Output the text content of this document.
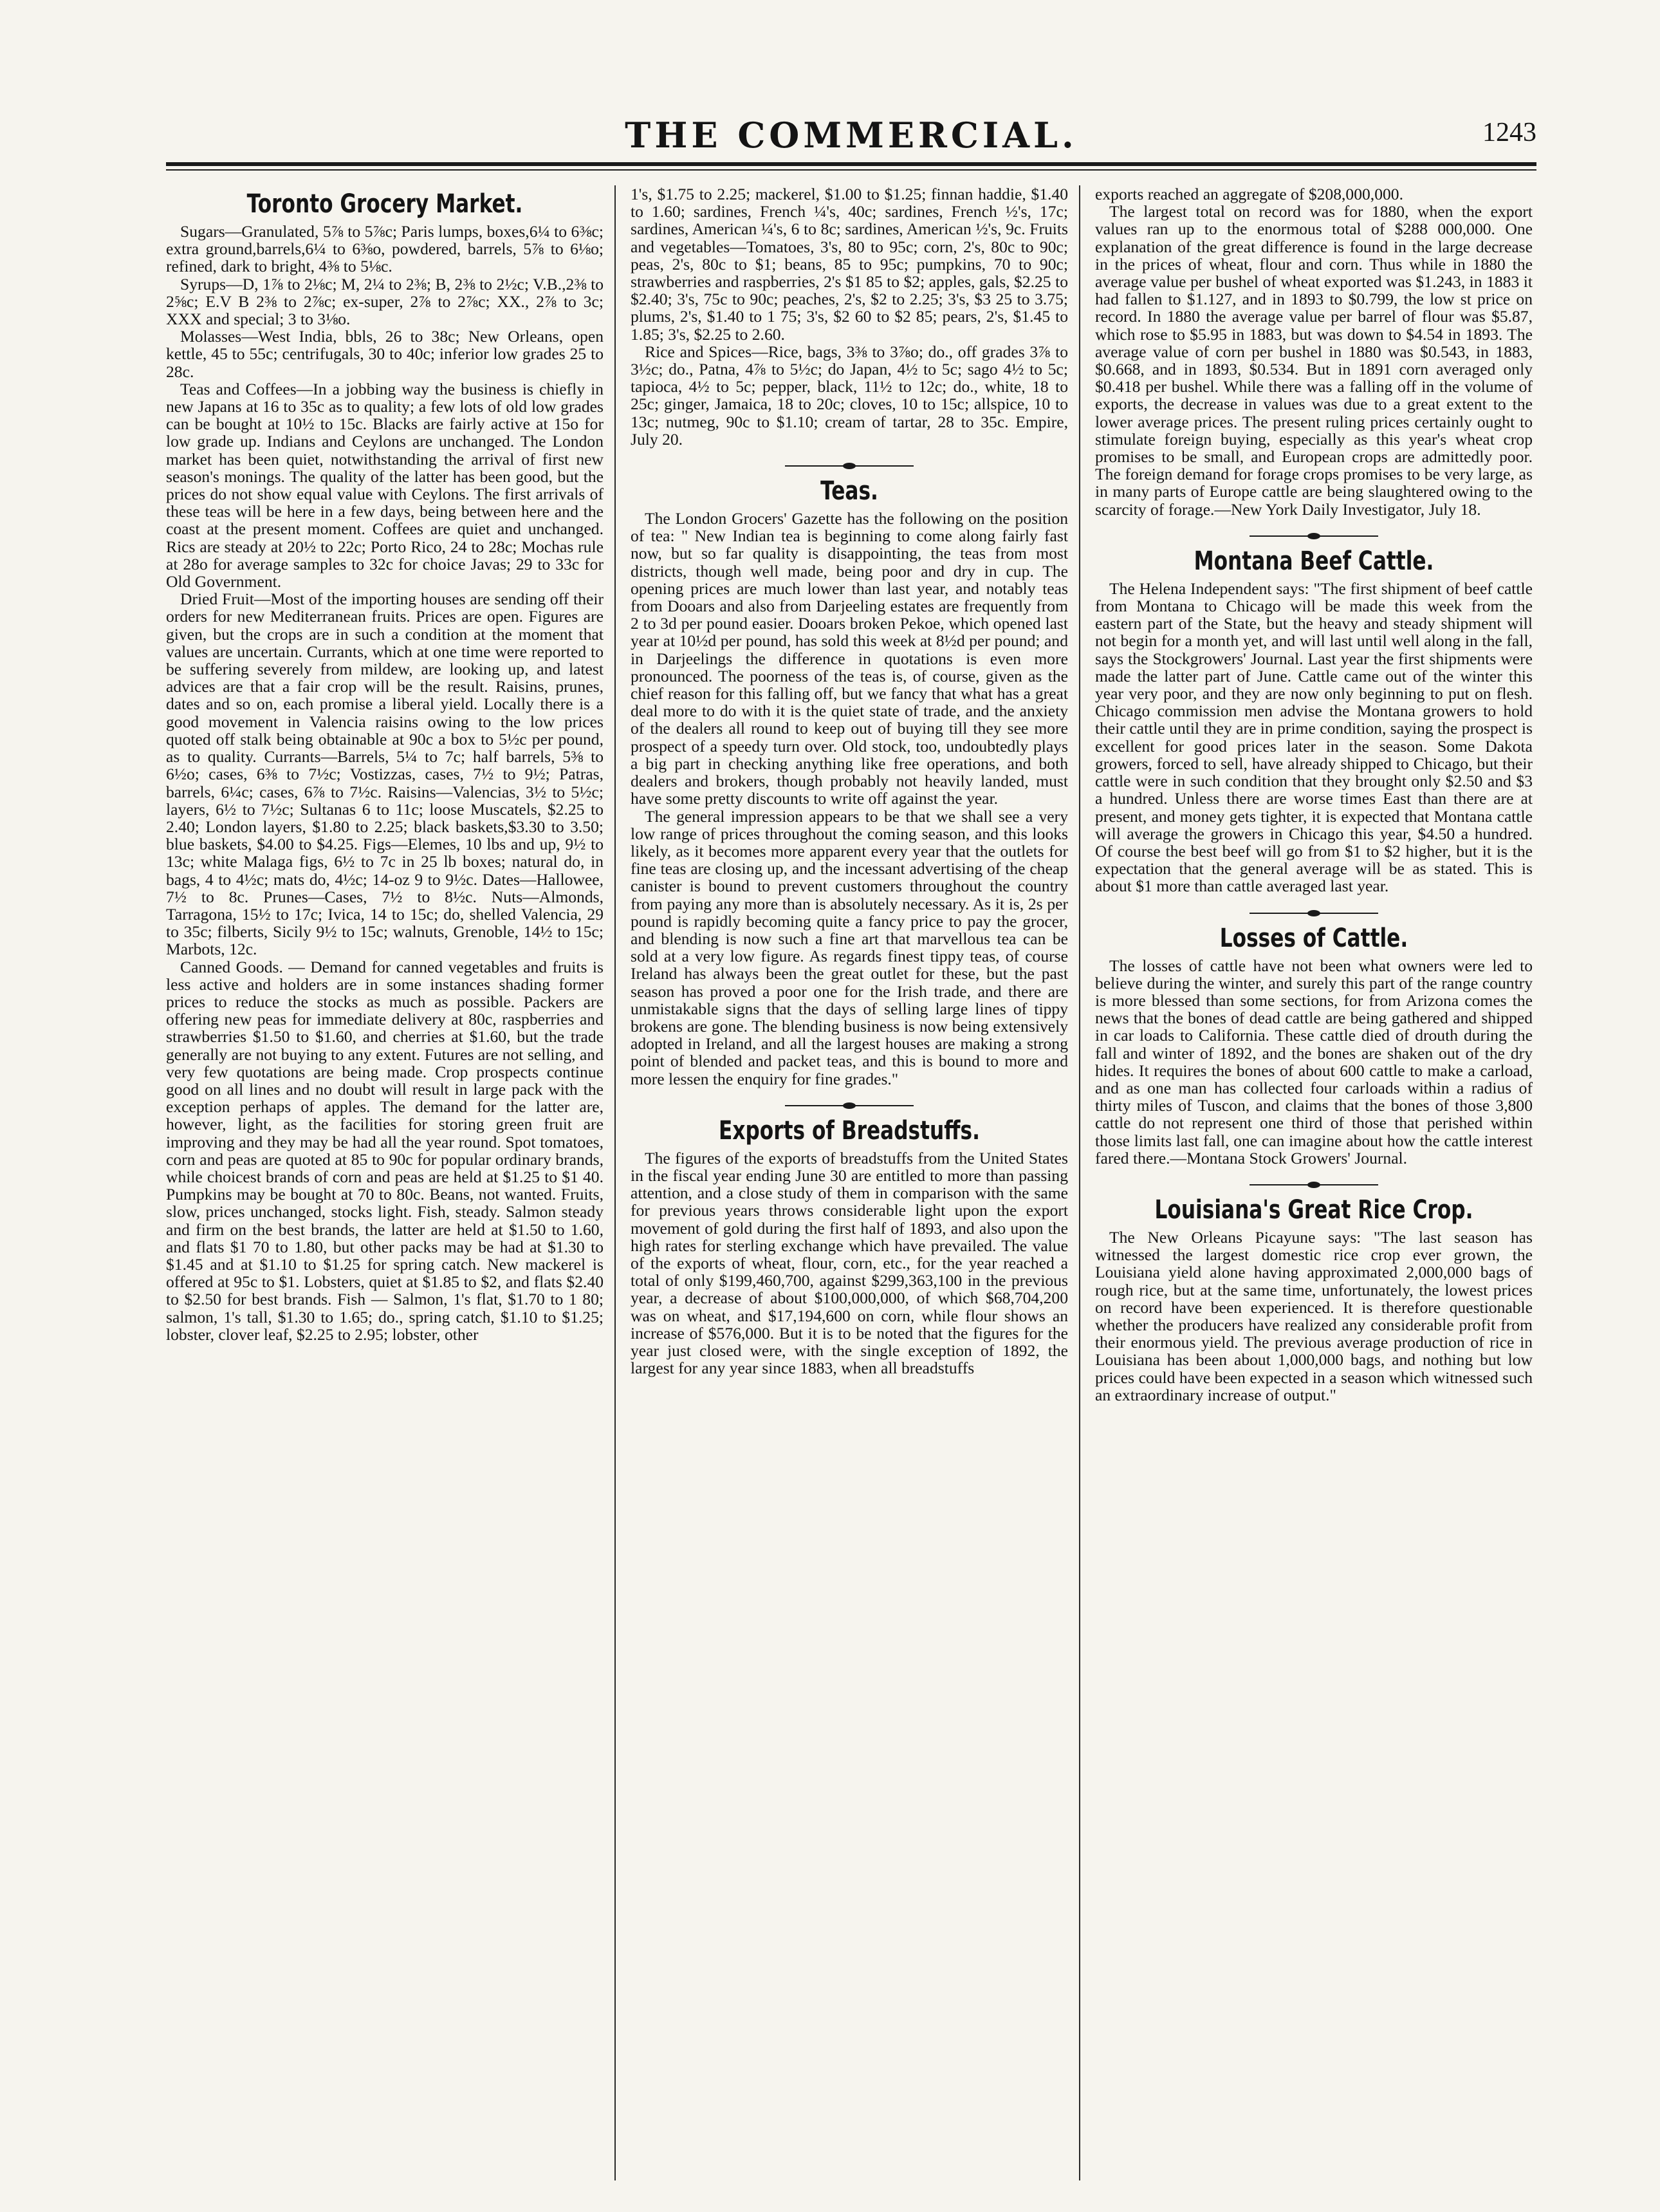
THE COMMERCIAL.	1243
Toronto Grocery Market.

Sugars—Granulated, 5⅞ to 5⅞c; Paris lumps, boxes,6¼ to 6⅜c; extra ground,barrels,6¼ to 6⅜o, powdered, barrels, 5⅞ to 6⅛o; refined, dark to bright, 4⅜ to 5⅛c.

Syrups—D, 1⅞ to 2⅛c; M, 2¼ to 2⅜; B, 2⅜ to 2½c; V.B.,2⅜ to 2⅝c; E.V B 2⅜ to 2⅞c; ex-super, 2⅞ to 2⅞c; XX., 2⅞ to 3c; XXX and special; 3 to 3⅛o.

Molasses—West India, bbls, 26 to 38c; New Orleans, open kettle, 45 to 55c; centrifugals, 30 to 40c; inferior low grades 25 to 28c.

Teas and Coffees—In a jobbing way the business is chiefly in new Japans at 16 to 35c as to quality; a few lots of old low grades can be bought at 10½ to 15c. Blacks are fairly active at 15o for low grade up. Indians and Ceylons are unchanged. The London market has been quiet, notwithstanding the arrival of first new season's monings. The quality of the latter has been good, but the prices do not show equal value with Ceylons. The first arrivals of these teas will be here in a few days, being between here and the coast at the present moment. Coffees are quiet and unchanged. Rics are steady at 20½ to 22c; Porto Rico, 24 to 28c; Mochas rule at 28o for average samples to 32c for choice Javas; 29 to 33c for Old Government.

Dried Fruit—Most of the importing houses are sending off their orders for new Mediterranean fruits. Prices are open. Figures are given, but the crops are in such a condition at the moment that values are uncertain. Currants, which at one time were reported to be suffering severely from mildew, are looking up, and latest advices are that a fair crop will be the result. Raisins, prunes, dates and so on, each promise a liberal yield. Locally there is a good movement in Valencia raisins owing to the low prices quoted off stalk being obtainable at 90c a box to 5½c per pound, as to quality. Currants—Barrels, 5¼ to 7c; half barrels, 5⅜ to 6½o; cases, 6⅜ to 7½c; Vostizzas, cases, 7½ to 9½; Patras, barrels, 6¼c; cases, 6⅞ to 7½c. Raisins—Valencias, 3½ to 5½c; layers, 6½ to 7½c; Sultanas 6 to 11c; loose Muscatels, $2.25 to 2.40; London layers, $1.80 to 2.25; black baskets,$3.30 to 3.50; blue baskets, $4.00 to $4.25. Figs—Elemes, 10 lbs and up, 9½ to 13c; white Malaga figs, 6½ to 7c in 25 lb boxes; natural do, in bags, 4 to 4½c; mats do, 4½c; 14-oz 9 to 9½c. Dates—Hallowee, 7½ to 8c. Prunes—Cases, 7½ to 8½c. Nuts—Almonds, Tarragona, 15½ to 17c; Ivica, 14 to 15c; do, shelled Valencia, 29 to 35c; filberts, Sicily 9½ to 15c; walnuts, Grenoble, 14½ to 15c; Marbots, 12c.

Canned Goods. — Demand for canned vegetables and fruits is less active and holders are in some instances shading former prices to reduce the stocks as much as possible. Packers are offering new peas for immediate delivery at 80c, raspberries and strawberries $1.50 to $1.60, and cherries at $1.60, but the trade generally are not buying to any extent. Futures are not selling, and very few quotations are being made. Crop prospects continue good on all lines and no doubt will result in large pack with the exception perhaps of apples. The demand for the latter are, however, light, as the facilities for storing green fruit are improving and they may be had all the year round. Spot tomatoes, corn and peas are quoted at 85 to 90c for popular ordinary brands, while choicest brands of corn and peas are held at $1.25 to $1 40. Pumpkins may be bought at 70 to 80c. Beans, not wanted. Fruits, slow, prices unchanged, stocks light. Fish, steady. Salmon steady and firm on the best brands, the latter are held at $1.50 to 1.60, and flats $1 70 to 1.80, but other packs may be had at $1.30 to $1.45 and at $1.10 to $1.25 for spring catch. New mackerel is offered at 95c to $1. Lobsters, quiet at $1.85 to $2, and flats $2.40 to $2.50 for best brands. Fish — Salmon, 1's flat, $1.70 to 1 80; salmon, 1's tall, $1.30 to 1.65; do., spring catch, $1.10 to $1.25; lobster, clover leaf, $2.25 to 2.95; lobster, other

1's, $1.75 to 2.25; mackerel, $1.00 to $1.25; finnan haddie, $1.40 to 1.60; sardines, French ¼'s, 40c; sardines, French ½'s, 17c; sardines, American ¼'s, 6 to 8c; sardines, American ½'s, 9c. Fruits and vegetables—Tomatoes, 3's, 80 to 95c; corn, 2's, 80c to 90c; peas, 2's, 80c to $1; beans, 85 to 95c; pumpkins, 70 to 90c; strawberries and raspberries, 2's $1 85 to $2; apples, gals, $2.25 to $2.40; 3's, 75c to 90c; peaches, 2's, $2 to 2.25; 3's, $3 25 to 3.75; plums, 2's, $1.40 to 1 75; 3's, $2 60 to $2 85; pears, 2's, $1.45 to 1.85; 3's, $2.25 to 2.60.

Rice and Spices—Rice, bags, 3⅜ to 3⅞o; do., off grades 3⅞ to 3½c; do., Patna, 4⅞ to 5½c; do Japan, 4½ to 5c; sago 4½ to 5c; tapioca, 4½ to 5c; pepper, black, 11½ to 12c; do., white, 18 to 25c; ginger, Jamaica, 18 to 20c; cloves, 10 to 15c; allspice, 10 to 13c; nutmeg, 90c to $1.10; cream of tartar, 28 to 35c. Empire, July 20.

Teas.

The London Grocers' Gazette has the following on the position of tea: " New Indian tea is beginning to come along fairly fast now, but so far quality is disappointing, the teas from most districts, though well made, being poor and dry in cup. The opening prices are much lower than last year, and notably teas from Dooars and also from Darjeeling estates are frequently from 2 to 3d per pound easier. Dooars broken Pekoe, which opened last year at 10½d per pound, has sold this week at 8½d per pound; and in Darjeelings the difference in quotations is even more pronounced. The poorness of the teas is, of course, given as the chief reason for this falling off, but we fancy that what has a great deal more to do with it is the quiet state of trade, and the anxiety of the dealers all round to keep out of buying till they see more prospect of a speedy turn over. Old stock, too, undoubtedly plays a big part in checking anything like free operations, and both dealers and brokers, though probably not heavily landed, must have some pretty discounts to write off against the year.

The general impression appears to be that we shall see a very low range of prices throughout the coming season, and this looks likely, as it becomes more apparent every year that the outlets for fine teas are closing up, and the incessant advertising of the cheap canister is bound to prevent customers throughout the country from paying any more than is absolutely necessary. As it is, 2s per pound is rapidly becoming quite a fancy price to pay the grocer, and blending is now such a fine art that marvellous tea can be sold at a very low figure. As regards finest tippy teas, of course Ireland has always been the great outlet for these, but the past season has proved a poor one for the Irish trade, and there are unmistakable signs that the days of selling large lines of tippy brokens are gone. The blending business is now being extensively adopted in Ireland, and all the largest houses are making a strong point of blended and packet teas, and this is bound to more and more lessen the enquiry for fine grades."

Exports of Breadstuffs.

The figures of the exports of breadstuffs from the United States in the fiscal year ending June 30 are entitled to more than passing attention, and a close study of them in comparison with the same for previous years throws considerable light upon the export movement of gold during the first half of 1893, and also upon the high rates for sterling exchange which have prevailed. The value of the exports of wheat, flour, corn, etc., for the year reached a total of only $199,460,700, against $299,363,100 in the previous year, a decrease of about $100,000,000, of which $68,704,200 was on wheat, and $17,194,600 on corn, while flour shows an increase of $576,000. But it is to be noted that the figures for the year just closed were, with the single exception of 1892, the largest for any year since 1883, when all breadstuffs

exports reached an aggregate of $208,000,000.

The largest total on record was for 1880, when the export values ran up to the enormous total of $288 000,000. One explanation of the great difference is found in the large decrease in the prices of wheat, flour and corn. Thus while in 1880 the average value per bushel of wheat exported was $1.243, in 1883 it had fallen to $1.127, and in 1893 to $0.799, the low st price on record. In 1880 the average value per barrel of flour was $5.87, which rose to $5.95 in 1883, but was down to $4.54 in 1893. The average value of corn per bushel in 1880 was $0.543, in 1883, $0.668, and in 1893, $0.534. But in 1891 corn averaged only $0.418 per bushel. While there was a falling off in the volume of exports, the decrease in values was due to a great extent to the lower average prices. The present ruling prices certainly ought to stimulate foreign buying, especially as this year's wheat crop promises to be small, and European crops are admittedly poor. The foreign demand for forage crops promises to be very large, as in many parts of Europe cattle are being slaughtered owing to the scarcity of forage.—New York Daily Investigator, July 18.

Montana Beef Cattle.

The Helena Independent says: "The first shipment of beef cattle from Montana to Chicago will be made this week from the eastern part of the State, but the heavy and steady shipment will not begin for a month yet, and will last until well along in the fall, says the Stockgrowers' Journal. Last year the first shipments were made the latter part of June. Cattle came out of the winter this year very poor, and they are now only beginning to put on flesh. Chicago commission men advise the Montana growers to hold their cattle until they are in prime condition, saying the prospect is excellent for good prices later in the season. Some Dakota growers, forced to sell, have already shipped to Chicago, but their cattle were in such condition that they brought only $2.50 and $3 a hundred. Unless there are worse times East than there are at present, and money gets tighter, it is expected that Montana cattle will average the growers in Chicago this year, $4.50 a hundred. Of course the best beef will go from $1 to $2 higher, but it is the expectation that the general average will be as stated. This is about $1 more than cattle averaged last year.

Losses of Cattle.

The losses of cattle have not been what owners were led to believe during the winter, and surely this part of the range country is more blessed than some sections, for from Arizona comes the news that the bones of dead cattle are being gathered and shipped in car loads to California. These cattle died of drouth during the fall and winter of 1892, and the bones are shaken out of the dry hides. It requires the bones of about 600 cattle to make a carload, and as one man has collected four carloads within a radius of thirty miles of Tuscon, and claims that the bones of those 3,800 cattle do not represent one third of those that perished within those limits last fall, one can imagine about how the cattle interest fared there.—Montana Stock Growers' Journal.

Louisiana's Great Rice Crop.

The New Orleans Picayune says: "The last season has witnessed the largest domestic rice crop ever grown, the Louisiana yield alone having approximated 2,000,000 bags of rough rice, but at the same time, unfortunately, the lowest prices on record have been experienced. It is therefore questionable whether the producers have realized any considerable profit from their enormous yield. The previous average production of rice in Louisiana has been about 1,000,000 bags, and nothing but low prices could have been expected in a season which witnessed such an extraordinary increase of output."
